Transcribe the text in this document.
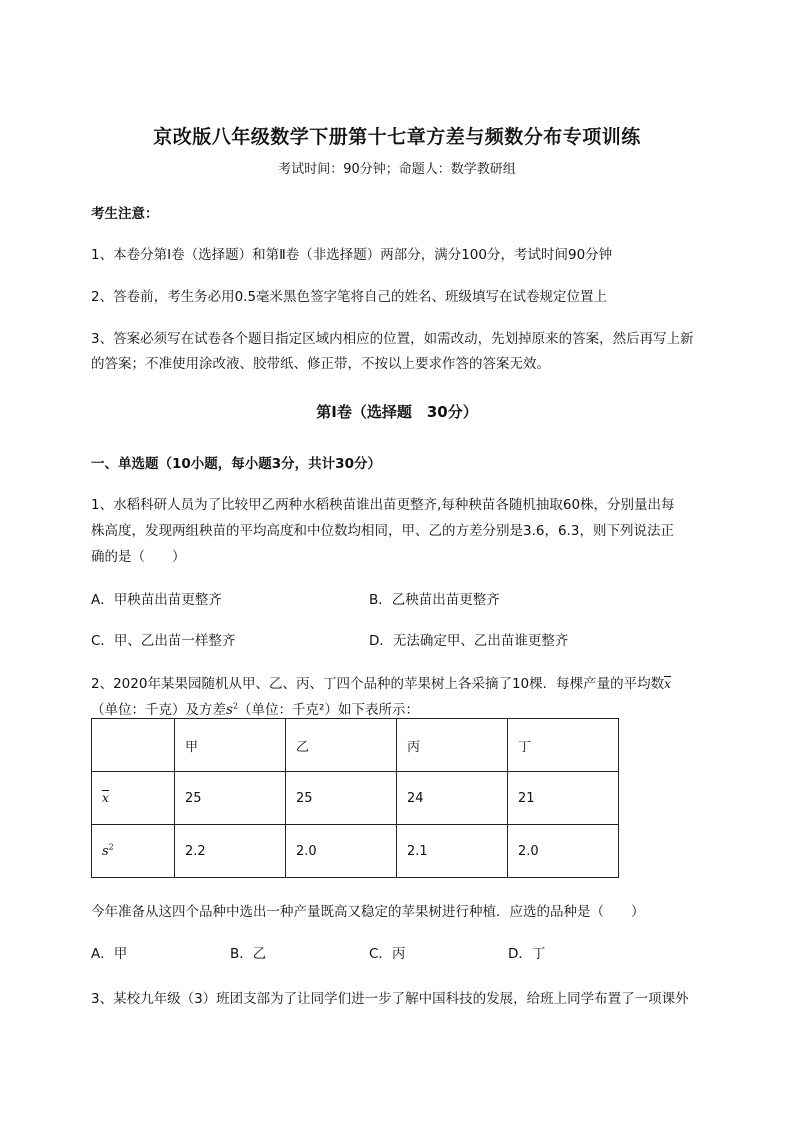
京改版八年级数学下册第十七章方差与频数分布专项训练
考试时间：90分钟；命题人：数学教研组
考生注意：
1、本卷分第I卷（选择题）和第Ⅱ卷（非选择题）两部分，满分100分，考试时间90分钟
2、答卷前，考生务必用0.5毫米黑色签字笔将自己的姓名、班级填写在试卷规定位置上
3、答案必须写在试卷各个题目指定区域内相应的位置，如需改动，先划掉原来的答案，然后再写上新
的答案；不准使用涂改液、胶带纸、修正带，不按以上要求作答的答案无效。
第I卷（选择题　30分）
一、单选题（10小题，每小题3分，共计30分）
1、水稻科研人员为了比较甲乙两种水稻秧苗谁出苗更整齐,每种秧苗各随机抽取60株，分别量出每
株高度，发现两组秧苗的平均高度和中位数均相同，甲、乙的方差分别是3.6，6.3，则下列说法正
确的是（　　）
A．甲秧苗出苗更整齐	B．乙秧苗出苗更整齐
C．甲、乙出苗一样整齐	D．无法确定甲、乙出苗谁更整齐
2、2020年某果园随机从甲、乙、丙、丁四个品种的苹果树上各采摘了10棵．每棵产量的平均数x
（单位：千克）及方差$s^2$（单位：千克²）如下表所示：
	甲	乙	丙	丁
x	25	25	24	21
$s^2$	2.2	2.0	2.1	2.0
今年准备从这四个品种中选出一种产量既高又稳定的苹果树进行种植．应选的品种是（　　）
A．甲	B．乙	C．丙	D．丁
3、某校九年级（3）班团支部为了让同学们进一步了解中国科技的发展，给班上同学布置了一项课外
